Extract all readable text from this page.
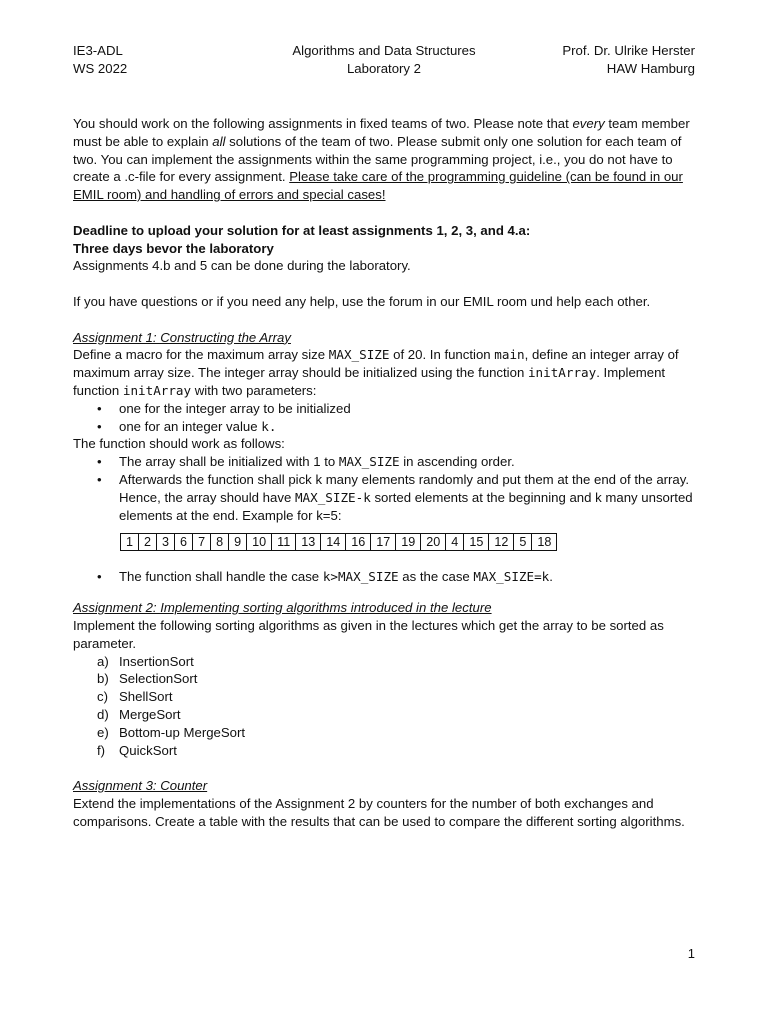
IE3-ADL	Algorithms and Data Structures	Prof. Dr. Ulrike Herster
WS 2022	Laboratory 2	HAW Hamburg

You should work on the following assignments in fixed teams of two. Please note that every team member must be able to explain all solutions of the team of two. Please submit only one solution for each team of two. You can implement the assignments within the same programming project, i.e., you do not have to create a .c-file for every assignment. Please take care of the programming guideline (can be found in our EMIL room) and handling of errors and special cases!

Deadline to upload your solution for at least assignments 1, 2, 3, and 4.a:

Three days bevor the laboratory

Assignments 4.b and 5 can be done during the laboratory.

If you have questions or if you need any help, use the forum in our EMIL room und help each other.

Assignment 1: Constructing the Array

Define a macro for the maximum array size MAX_SIZE of 20. In function main, define an integer array of maximum array size. The integer array should be initialized using the function initArray. Implement function initArray with two parameters:

• one for the integer array to be initialized
• one for an integer value k.

The function should work as follows:

• The array shall be initialized with 1 to MAX_SIZE in ascending order.
• Afterwards the function shall pick k many elements randomly and put them at the end of the array. Hence, the array should have MAX_SIZE-k sorted elements at the beginning and k many unsorted elements at the end. Example for k=5:
1	2	3	6	7	8	9	10	11	13	14	16	17	19	20	4	15	12	5	18
• The function shall handle the case k>MAX_SIZE as the case MAX_SIZE=k.

Assignment 2: Implementing sorting algorithms introduced in the lecture

Implement the following sorting algorithms as given in the lectures which get the array to be sorted as parameter.

a) InsertionSort
b) SelectionSort
c) ShellSort
d) MergeSort
e) Bottom-up MergeSort
f) QuickSort

Assignment 3: Counter

Extend the implementations of the Assignment 2 by counters for the number of both exchanges and comparisons. Create a table with the results that can be used to compare the different sorting algorithms.

1
